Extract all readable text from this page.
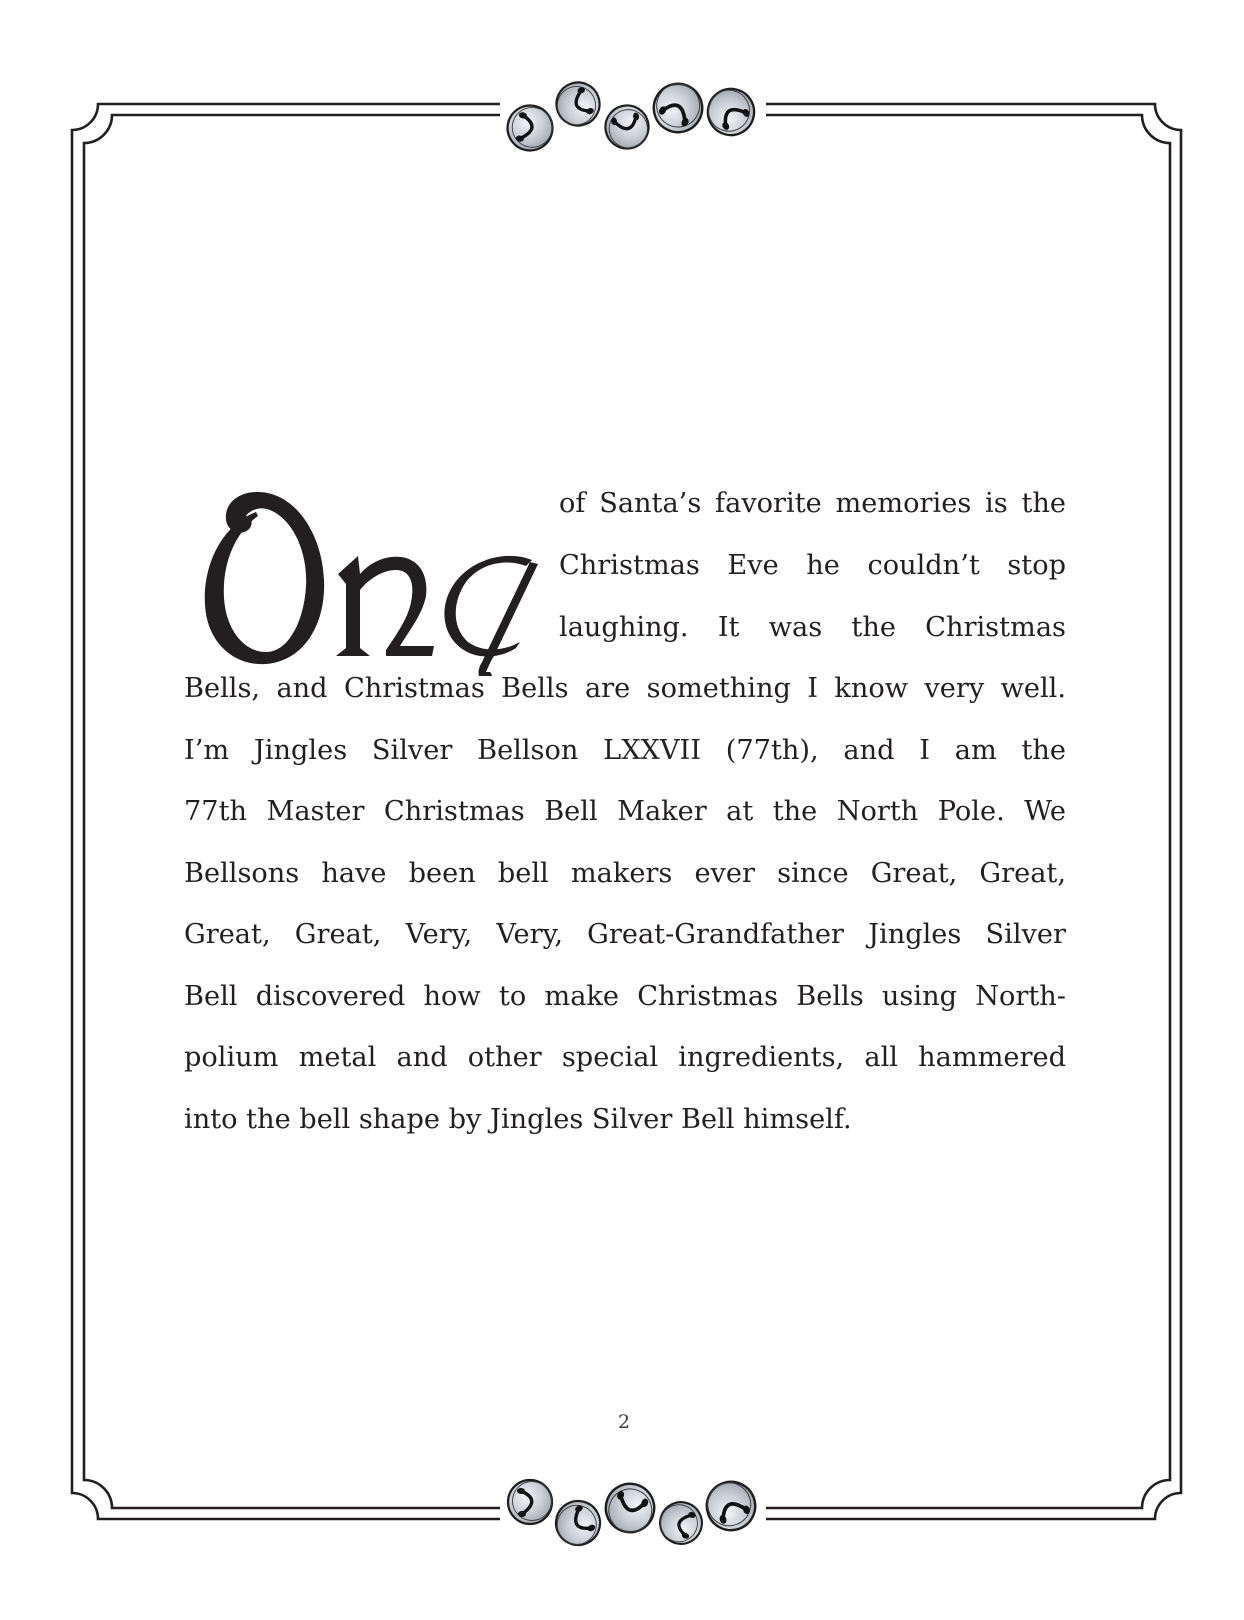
of Santa’s favorite memories is the
Christmas Eve he couldn’t stop
laughing. It was the Christmas
Bells, and Christmas Bells are something I know very well.
I’m Jingles Silver Bellson LXXVII (77th), and I am the
77th Master Christmas Bell Maker at the North Pole. We
Bellsons have been bell makers ever since Great, Great,
Great, Great, Very, Very, Great-Grandfather Jingles Silver
Bell discovered how to make Christmas Bells using North-
polium metal and other special ingredients, all hammered
into the bell shape by Jingles Silver Bell himself.
2
